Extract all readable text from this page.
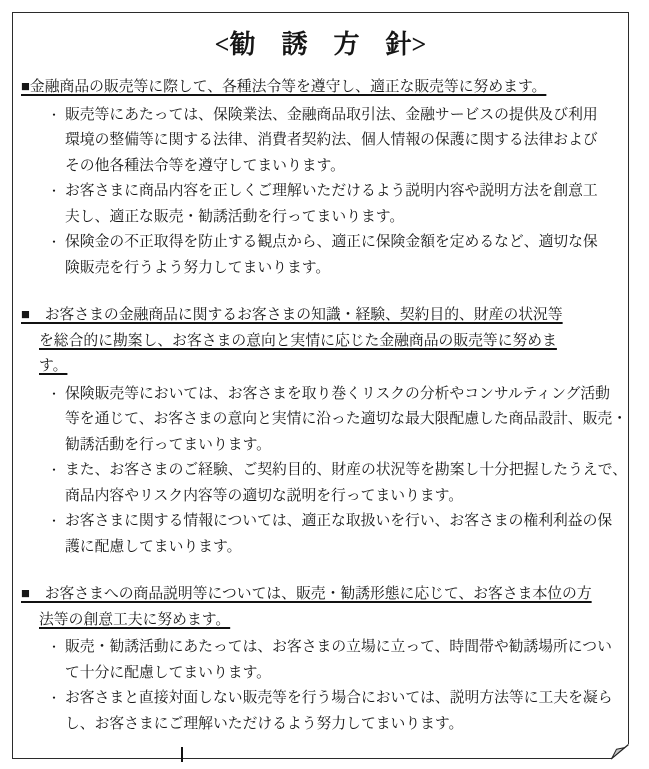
<勧　誘　方　針>
■金融商品の販売等に際して、各種法令等を遵守し、適正な販売等に努めます。
・ 販売等にあたっては、保険業法、金融商品取引法、金融サービスの提供及び利用
環境の整備等に関する法律、消費者契約法、個人情報の保護に関する法律および
その他各種法令等を遵守してまいります。
・ お客さまに商品内容を正しくご理解いただけるよう説明内容や説明方法を創意工
夫し、適正な販売・勧誘活動を行ってまいります。
・ 保険金の不正取得を防止する観点から、適正に保険金額を定めるなど、適切な保
険販売を行うよう努力してまいります。
■　お客さまの金融商品に関するお客さまの知識・経験、契約目的、財産の状況等
を総合的に勘案し、お客さまの意向と実情に応じた金融商品の販売等に努めま
す。
・ 保険販売等においては、お客さまを取り巻くリスクの分析やコンサルティング活動
等を通じて、お客さまの意向と実情に沿った適切な最大限配慮した商品設計、販売・
勧誘活動を行ってまいります。
・ また、お客さまのご経験、ご契約目的、財産の状況等を勘案し十分把握したうえで、
商品内容やリスク内容等の適切な説明を行ってまいります。
・ お客さまに関する情報については、適正な取扱いを行い、お客さまの権利利益の保
護に配慮してまいります。
■　お客さまへの商品説明等については、販売・勧誘形態に応じて、お客さま本位の方
法等の創意工夫に努めます。
・ 販売・勧誘活動にあたっては、お客さまの立場に立って、時間帯や勧誘場所につい
て十分に配慮してまいります。
・ お客さまと直接対面しない販売等を行う場合においては、説明方法等に工夫を凝ら
し、お客さまにご理解いただけるよう努力してまいります。
